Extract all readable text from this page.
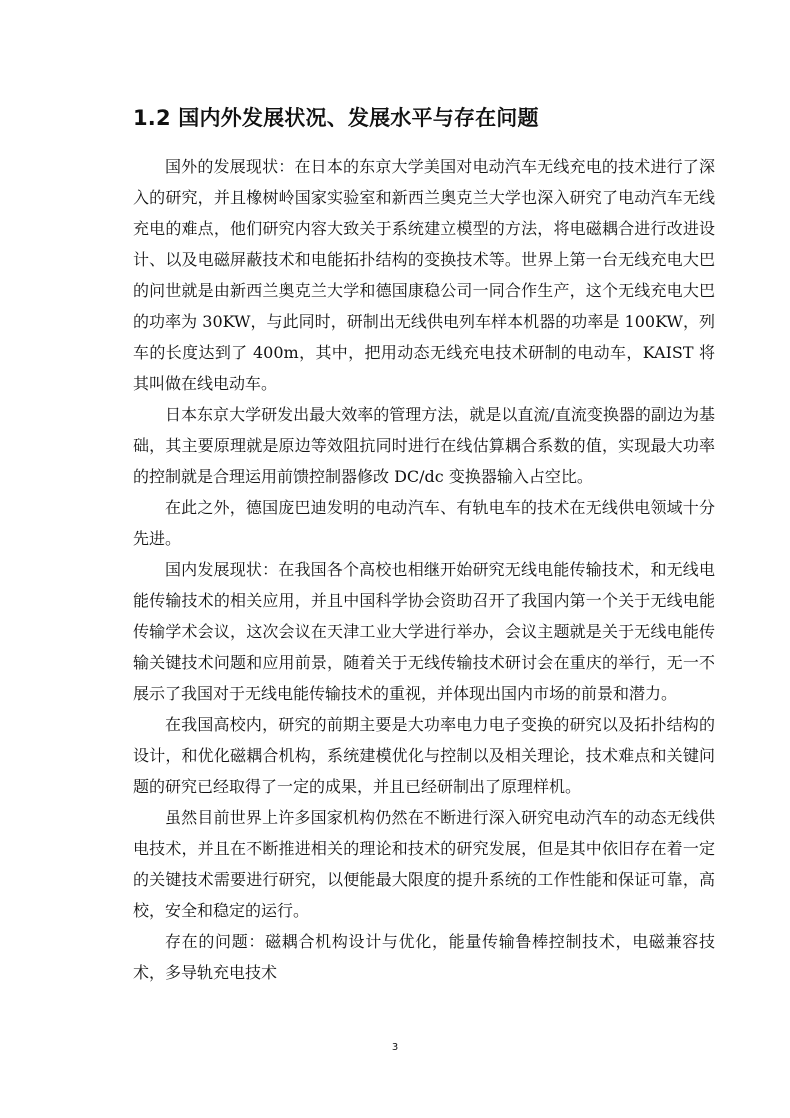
1.2 国内外发展状况、发展水平与存在问题

国外的发展现状：在日本的东京大学美国对电动汽车无线充电的技术进行了深入的研究，并且橡树岭国家实验室和新西兰奥克兰大学也深入研究了电动汽车无线充电的难点，他们研究内容大致关于系统建立模型的方法，将电磁耦合进行改进设计、以及电磁屏蔽技术和电能拓扑结构的变换技术等。世界上第一台无线充电大巴的问世就是由新西兰奥克兰大学和德国康稳公司一同合作生产，这个无线充电大巴的功率为 30KW，与此同时，研制出无线供电列车样本机器的功率是 100KW，列车的长度达到了 400m，其中，把用动态无线充电技术研制的电动车，KAIST 将其叫做在线电动车。

日本东京大学研发出最大效率的管理方法，就是以直流/直流变换器的副边为基础，其主要原理就是原边等效阻抗同时进行在线估算耦合系数的值，实现最大功率的控制就是合理运用前馈控制器修改 DC/dc 变换器输入占空比。

在此之外，德国庞巴迪发明的电动汽车、有轨电车的技术在无线供电领域十分先进。

国内发展现状：在我国各个高校也相继开始研究无线电能传输技术，和无线电能传输技术的相关应用，并且中国科学协会资助召开了我国内第一个关于无线电能传输学术会议，这次会议在天津工业大学进行举办，会议主题就是关于无线电能传输关键技术问题和应用前景，随着关于无线传输技术研讨会在重庆的举行，无一不展示了我国对于无线电能传输技术的重视，并体现出国内市场的前景和潜力。

在我国高校内，研究的前期主要是大功率电力电子变换的研究以及拓扑结构的设计，和优化磁耦合机构，系统建模优化与控制以及相关理论，技术难点和关键问题的研究已经取得了一定的成果，并且已经研制出了原理样机。

虽然目前世界上许多国家机构仍然在不断进行深入研究电动汽车的动态无线供电技术，并且在不断推进相关的理论和技术的研究发展，但是其中依旧存在着一定的关键技术需要进行研究，以便能最大限度的提升系统的工作性能和保证可靠，高校，安全和稳定的运行。

存在的问题：磁耦合机构设计与优化，能量传输鲁棒控制技术，电磁兼容技术，多导轨充电技术

3
